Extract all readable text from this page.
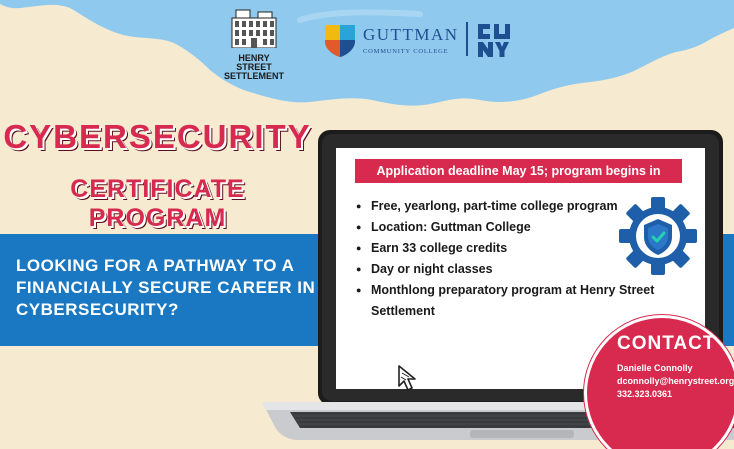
HENRY STREET
SETTLEMENT
GUTTMAN
COMMUNITY COLLEGE
CYBERSECURITY
CERTIFICATE PROGRAM
LOOKING FOR A PATHWAY TO A FINANCIALLY SECURE CAREER IN CYBERSECURITY?
Application deadline May 15; program begins in August
● Free, yearlong, part-time college program
● Location: Guttman College
● Earn 33 college credits
● Day or night classes
● Monthlong preparatory program at Henry Street Settlement
CONTACT
Danielle Connolly
dconnolly@henrystreet.org
332.323.0361
